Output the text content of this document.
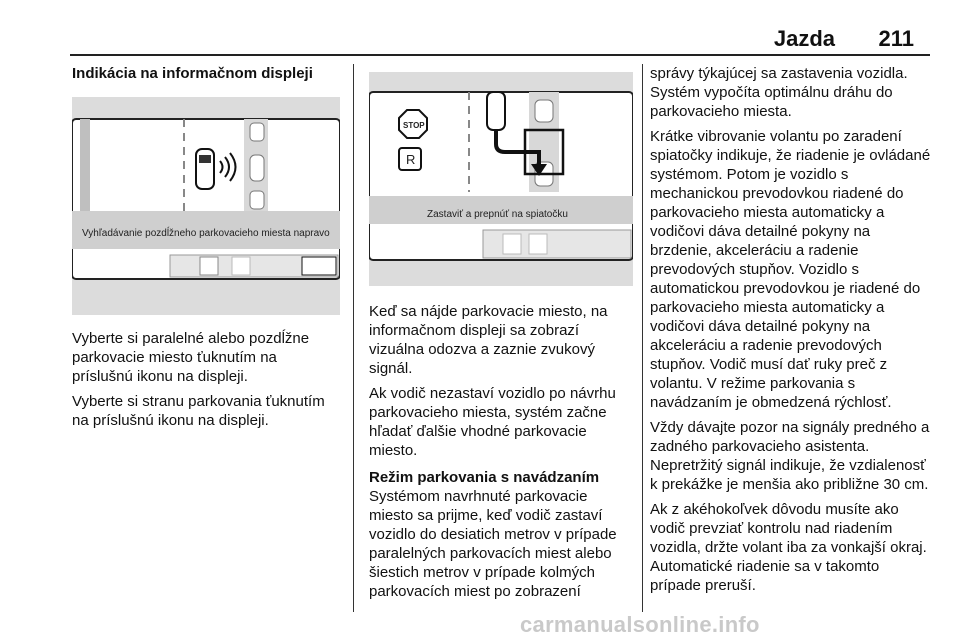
Jazda 211
Indikácia na informačnom displeji
Vyhľadávanie pozdĺžneho parkovacieho miesta napravo

Vyberte si paralelné alebo pozdĺžne parkovacie miesto ťuknutím na príslušnú ikonu na displeji.

Vyberte si stranu parkovania ťuknutím na príslušnú ikonu na displeji.

STOP
R
Zastaviť a prepnúť na spiatočku

Keď sa nájde parkovacie miesto, na informačnom displeji sa zobrazí vizuálna odozva a zaznie zvukový signál.

Ak vodič nezastaví vozidlo po návrhu parkovacieho miesta, systém začne hľadať ďalšie vhodné parkovacie miesto.

Režim parkovania s navádzaním
Systémom navrhnuté parkovacie miesto sa prijme, keď vodič zastaví vozidlo do desiatich metrov v prípade paralelných parkovacích miest alebo šiestich metrov v prípade kolmých parkovacích miest po zobrazení

správy týkajúcej sa zastavenia vozidla. Systém vypočíta optimálnu dráhu do parkovacieho miesta.

Krátke vibrovanie volantu po zaradení spiatočky indikuje, že riadenie je ovládané systémom. Potom je vozidlo s mechanickou prevodovkou riadené do parkovacieho miesta automaticky a vodičovi dáva detailné pokyny na brzdenie, akceleráciu a radenie prevodových stupňov. Vozidlo s automatickou prevodovkou je riadené do parkovacieho miesta automaticky a vodičovi dáva detailné pokyny na akceleráciu a radenie prevodových stupňov. Vodič musí dať ruky preč z volantu. V režime parkovania s navádzaním je obmedzená rýchlosť.

Vždy dávajte pozor na signály predného a zadného parkovacieho asistenta. Nepretržitý signál indikuje, že vzdialenosť k prekážke je menšia ako približne 30 cm.

Ak z akéhokoľvek dôvodu musíte ako vodič prevziať kontrolu nad riadením vozidla, držte volant iba za vonkajší okraj. Automatické riadenie sa v takomto prípade preruší.

carmanualsonline.info
